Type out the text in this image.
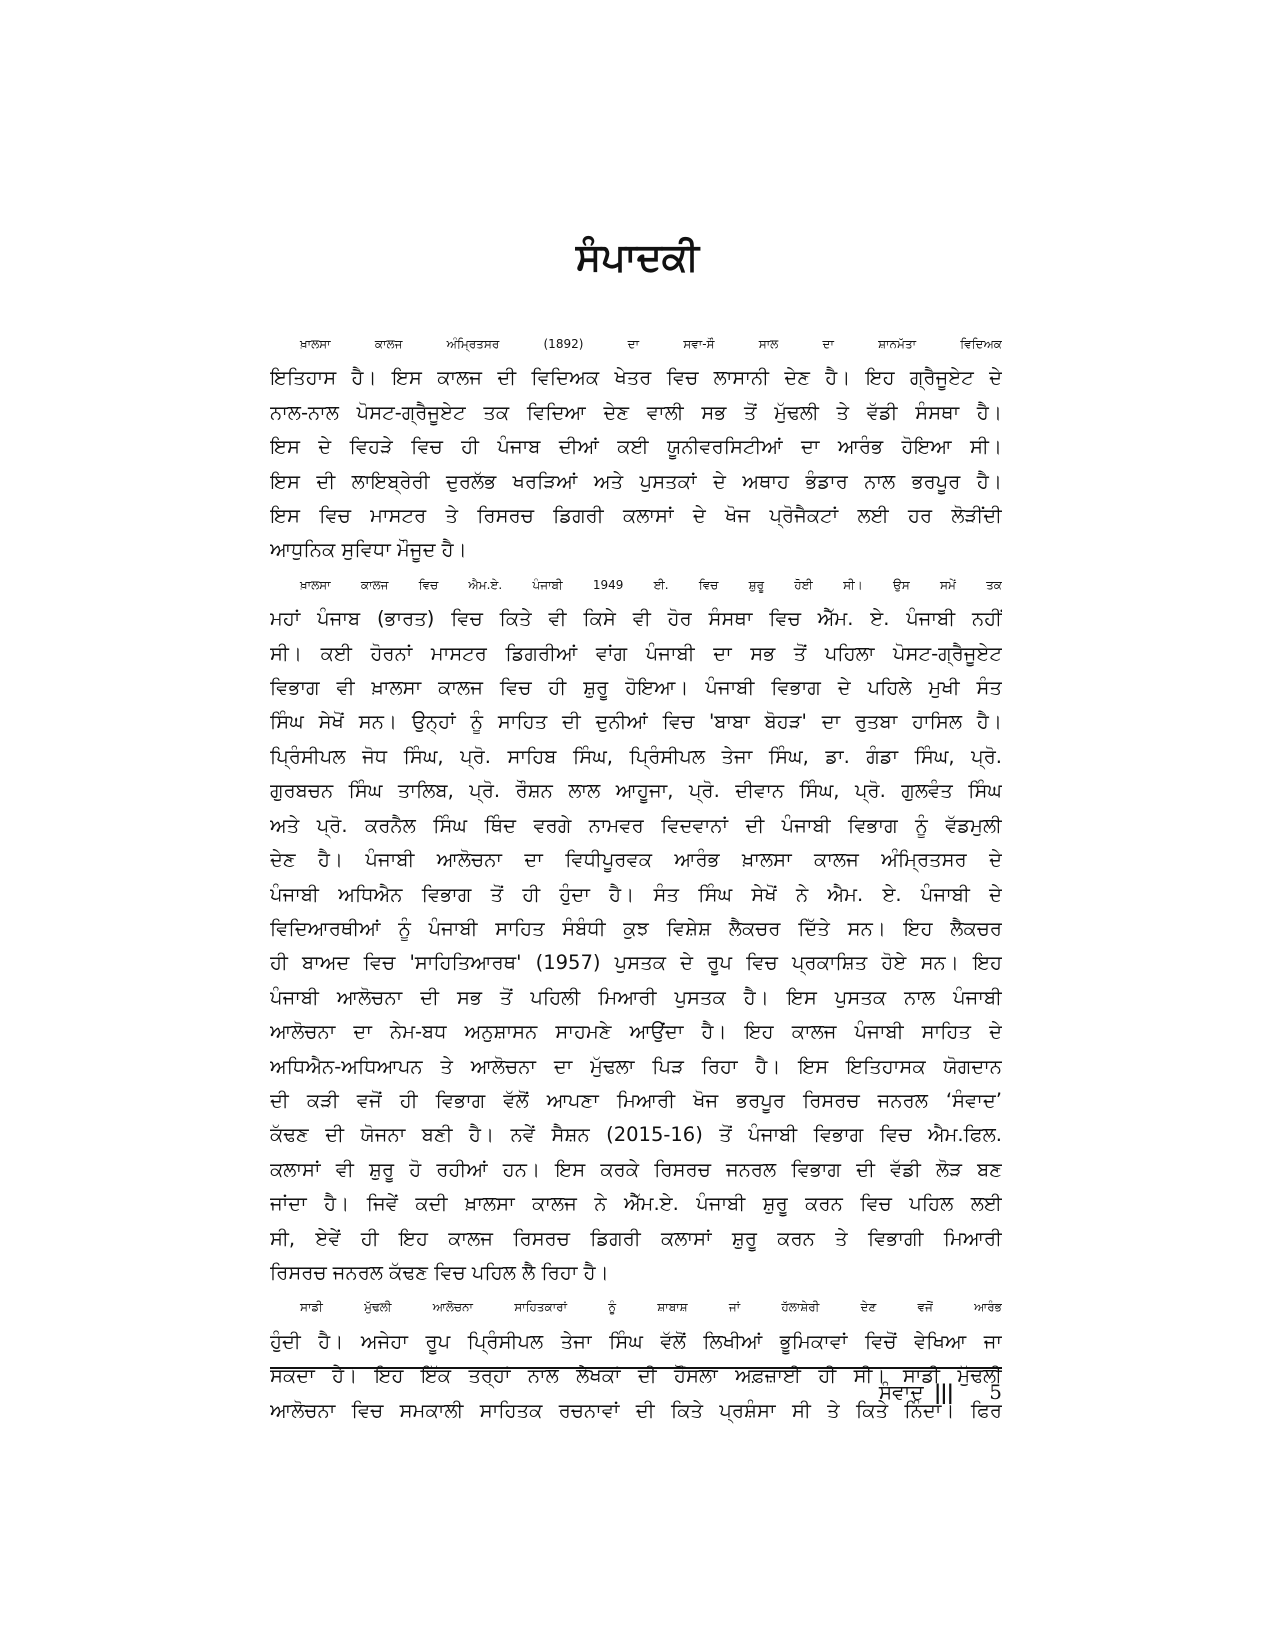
ਸੰਪਾਦਕੀ

ਖ਼ਾਲਸਾ ਕਾਲਜ ਅੰਮ੍ਰਿਤਸਰ (1892) ਦਾ ਸਵਾ-ਸੌ ਸਾਲ ਦਾ ਸ਼ਾਨਮੱਤਾ ਵਿਦਿਅਕ
ਇਤਿਹਾਸ ਹੈ। ਇਸ ਕਾਲਜ ਦੀ ਵਿਦਿਅਕ ਖੇਤਰ ਵਿਚ ਲਾਸਾਨੀ ਦੇਣ ਹੈ। ਇਹ ਗ੍ਰੈਜੂਏਟ ਦੇ
ਨਾਲ-ਨਾਲ ਪੋਸਟ-ਗ੍ਰੈਜੂਏਟ ਤਕ ਵਿਦਿਆ ਦੇਣ ਵਾਲੀ ਸਭ ਤੋਂ ਮੁੱਢਲੀ ਤੇ ਵੱਡੀ ਸੰਸਥਾ ਹੈ।
ਇਸ ਦੇ ਵਿਹੜੇ ਵਿਚ ਹੀ ਪੰਜਾਬ ਦੀਆਂ ਕਈ ਯੂਨੀਵਰਸਿਟੀਆਂ ਦਾ ਆਰੰਭ ਹੋਇਆ ਸੀ।
ਇਸ ਦੀ ਲਾਇਬ੍ਰੇਰੀ ਦੁਰਲੱਭ ਖਰੜਿਆਂ ਅਤੇ ਪੁਸਤਕਾਂ ਦੇ ਅਥਾਹ ਭੰਡਾਰ ਨਾਲ ਭਰਪੂਰ ਹੈ।
ਇਸ ਵਿਚ ਮਾਸਟਰ ਤੇ ਰਿਸਰਚ ਡਿਗਰੀ ਕਲਾਸਾਂ ਦੇ ਖੋਜ ਪ੍ਰੋਜੈਕਟਾਂ ਲਈ ਹਰ ਲੋੜੀਂਦੀ
ਆਧੁਨਿਕ ਸੁਵਿਧਾ ਮੌਜੂਦ ਹੈ।

ਖ਼ਾਲਸਾ ਕਾਲਜ ਵਿਚ ਐਮ.ਏ. ਪੰਜਾਬੀ 1949 ਈ. ਵਿਚ ਸ਼ੁਰੂ ਹੋਈ ਸੀ। ਉਸ ਸਮੇਂ ਤਕ
ਮਹਾਂ ਪੰਜਾਬ (ਭਾਰਤ) ਵਿਚ ਕਿਤੇ ਵੀ ਕਿਸੇ ਵੀ ਹੋਰ ਸੰਸਥਾ ਵਿਚ ਐੱਮ. ਏ. ਪੰਜਾਬੀ ਨਹੀਂ
ਸੀ। ਕਈ ਹੋਰਨਾਂ ਮਾਸਟਰ ਡਿਗਰੀਆਂ ਵਾਂਗ ਪੰਜਾਬੀ ਦਾ ਸਭ ਤੋਂ ਪਹਿਲਾ ਪੋਸਟ-ਗ੍ਰੈਜੂਏਟ
ਵਿਭਾਗ ਵੀ ਖ਼ਾਲਸਾ ਕਾਲਜ ਵਿਚ ਹੀ ਸ਼ੁਰੂ ਹੋਇਆ। ਪੰਜਾਬੀ ਵਿਭਾਗ ਦੇ ਪਹਿਲੇ ਮੁਖੀ ਸੰਤ
ਸਿੰਘ ਸੇਖੋਂ ਸਨ। ਉਨ੍ਹਾਂ ਨੂੰ ਸਾਹਿਤ ਦੀ ਦੁਨੀਆਂ ਵਿਚ 'ਬਾਬਾ ਬੋਹੜ' ਦਾ ਰੁਤਬਾ ਹਾਸਿਲ ਹੈ।
ਪ੍ਰਿੰਸੀਪਲ ਜੋਧ ਸਿੰਘ, ਪ੍ਰੋ. ਸਾਹਿਬ ਸਿੰਘ, ਪ੍ਰਿੰਸੀਪਲ ਤੇਜਾ ਸਿੰਘ, ਡਾ. ਗੰਡਾ ਸਿੰਘ, ਪ੍ਰੋ.
ਗੁਰਬਚਨ ਸਿੰਘ ਤਾਲਿਬ, ਪ੍ਰੋ. ਰੌਸ਼ਨ ਲਾਲ ਆਹੂਜਾ, ਪ੍ਰੋ. ਦੀਵਾਨ ਸਿੰਘ, ਪ੍ਰੋ. ਗੁਲਵੰਤ ਸਿੰਘ
ਅਤੇ ਪ੍ਰੋ. ਕਰਨੈਲ ਸਿੰਘ ਥਿੰਦ ਵਰਗੇ ਨਾਮਵਰ ਵਿਦਵਾਨਾਂ ਦੀ ਪੰਜਾਬੀ ਵਿਭਾਗ ਨੂੰ ਵੱਡਮੁਲੀ
ਦੇਣ ਹੈ। ਪੰਜਾਬੀ ਆਲੋਚਨਾ ਦਾ ਵਿਧੀਪੂਰਵਕ ਆਰੰਭ ਖ਼ਾਲਸਾ ਕਾਲਜ ਅੰਮ੍ਰਿਤਸਰ ਦੇ
ਪੰਜਾਬੀ ਅਧਿਐਨ ਵਿਭਾਗ ਤੋਂ ਹੀ ਹੁੰਦਾ ਹੈ। ਸੰਤ ਸਿੰਘ ਸੇਖੋਂ ਨੇ ਐਮ. ਏ. ਪੰਜਾਬੀ ਦੇ
ਵਿਦਿਆਰਥੀਆਂ ਨੂੰ ਪੰਜਾਬੀ ਸਾਹਿਤ ਸੰਬੰਧੀ ਕੁਝ ਵਿਸ਼ੇਸ਼ ਲੈਕਚਰ ਦਿੱਤੇ ਸਨ। ਇਹ ਲੈਕਚਰ
ਹੀ ਬਾਅਦ ਵਿਚ 'ਸਾਹਿਤਿਆਰਥ' (1957) ਪੁਸਤਕ ਦੇ ਰੂਪ ਵਿਚ ਪ੍ਰਕਾਸ਼ਿਤ ਹੋਏ ਸਨ। ਇਹ
ਪੰਜਾਬੀ ਆਲੋਚਨਾ ਦੀ ਸਭ ਤੋਂ ਪਹਿਲੀ ਮਿਆਰੀ ਪੁਸਤਕ ਹੈ। ਇਸ ਪੁਸਤਕ ਨਾਲ ਪੰਜਾਬੀ
ਆਲੋਚਨਾ ਦਾ ਨੇਮ-ਬਧ ਅਨੁਸ਼ਾਸਨ ਸਾਹਮਣੇ ਆਉਂਦਾ ਹੈ। ਇਹ ਕਾਲਜ ਪੰਜਾਬੀ ਸਾਹਿਤ ਦੇ
ਅਧਿਐਨ-ਅਧਿਆਪਨ ਤੇ ਆਲੋਚਨਾ ਦਾ ਮੁੱਢਲਾ ਪਿੜ ਰਿਹਾ ਹੈ। ਇਸ ਇਤਿਹਾਸਕ ਯੋਗਦਾਨ
ਦੀ ਕੜੀ ਵਜੋਂ ਹੀ ਵਿਭਾਗ ਵੱਲੋਂ ਆਪਣਾ ਮਿਆਰੀ ਖੋਜ ਭਰਪੂਰ ਰਿਸਰਚ ਜਨਰਲ ‘ਸੰਵਾਦ’
ਕੱਢਣ ਦੀ ਯੋਜਨਾ ਬਣੀ ਹੈ। ਨਵੇਂ ਸੈਸ਼ਨ (2015-16) ਤੋਂ ਪੰਜਾਬੀ ਵਿਭਾਗ ਵਿਚ ਐਮ.ਫਿਲ.
ਕਲਾਸਾਂ ਵੀ ਸ਼ੁਰੂ ਹੋ ਰਹੀਆਂ ਹਨ। ਇਸ ਕਰਕੇ ਰਿਸਰਚ ਜਨਰਲ ਵਿਭਾਗ ਦੀ ਵੱਡੀ ਲੋੜ ਬਣ
ਜਾਂਦਾ ਹੈ। ਜਿਵੇਂ ਕਦੀ ਖ਼ਾਲਸਾ ਕਾਲਜ ਨੇ ਐੱਮ.ਏ. ਪੰਜਾਬੀ ਸ਼ੁਰੂ ਕਰਨ ਵਿਚ ਪਹਿਲ ਲਈ
ਸੀ, ਏਵੇਂ ਹੀ ਇਹ ਕਾਲਜ ਰਿਸਰਚ ਡਿਗਰੀ ਕਲਾਸਾਂ ਸ਼ੁਰੂ ਕਰਨ ਤੇ ਵਿਭਾਗੀ ਮਿਆਰੀ
ਰਿਸਰਚ ਜਨਰਲ ਕੱਢਣ ਵਿਚ ਪਹਿਲ ਲੈ ਰਿਹਾ ਹੈ।

ਸਾਡੀ ਮੁੱਢਲੀ ਆਲੋਚਨਾ ਸਾਹਿਤਕਾਰਾਂ ਨੂੰ ਸ਼ਾਬਾਸ਼ ਜਾਂ ਹੱਲਾਸ਼ੇਰੀ ਦੇਣ ਵਜੋਂ ਆਰੰਭ
ਹੁੰਦੀ ਹੈ। ਅਜੇਹਾ ਰੂਪ ਪ੍ਰਿੰਸੀਪਲ ਤੇਜਾ ਸਿੰਘ ਵੱਲੋਂ ਲਿਖੀਆਂ ਭੂਮਿਕਾਵਾਂ ਵਿਚੋਂ ਵੇਖਿਆ ਜਾ
ਸਕਦਾ ਹੈ। ਇਹ ਇੱਕ ਤਰ੍ਹਾਂ ਨਾਲ ਲੇਖਕਾਂ ਦੀ ਹੌਂਸਲਾ ਅਫ਼ਜ਼ਾਈ ਹੀ ਸੀ। ਸਾਡੀ ਮੁੱਢਲੀ
ਆਲੋਚਨਾ ਵਿਚ ਸਮਕਾਲੀ ਸਾਹਿਤਕ ਰਚਨਾਵਾਂ ਦੀ ਕਿਤੇ ਪ੍ਰਸ਼ੰਸਾ ਸੀ ਤੇ ਕਿਤੇ ਨਿੰਦਾ। ਫਿਰ

ਸੰਵਾਦ ||| 5
